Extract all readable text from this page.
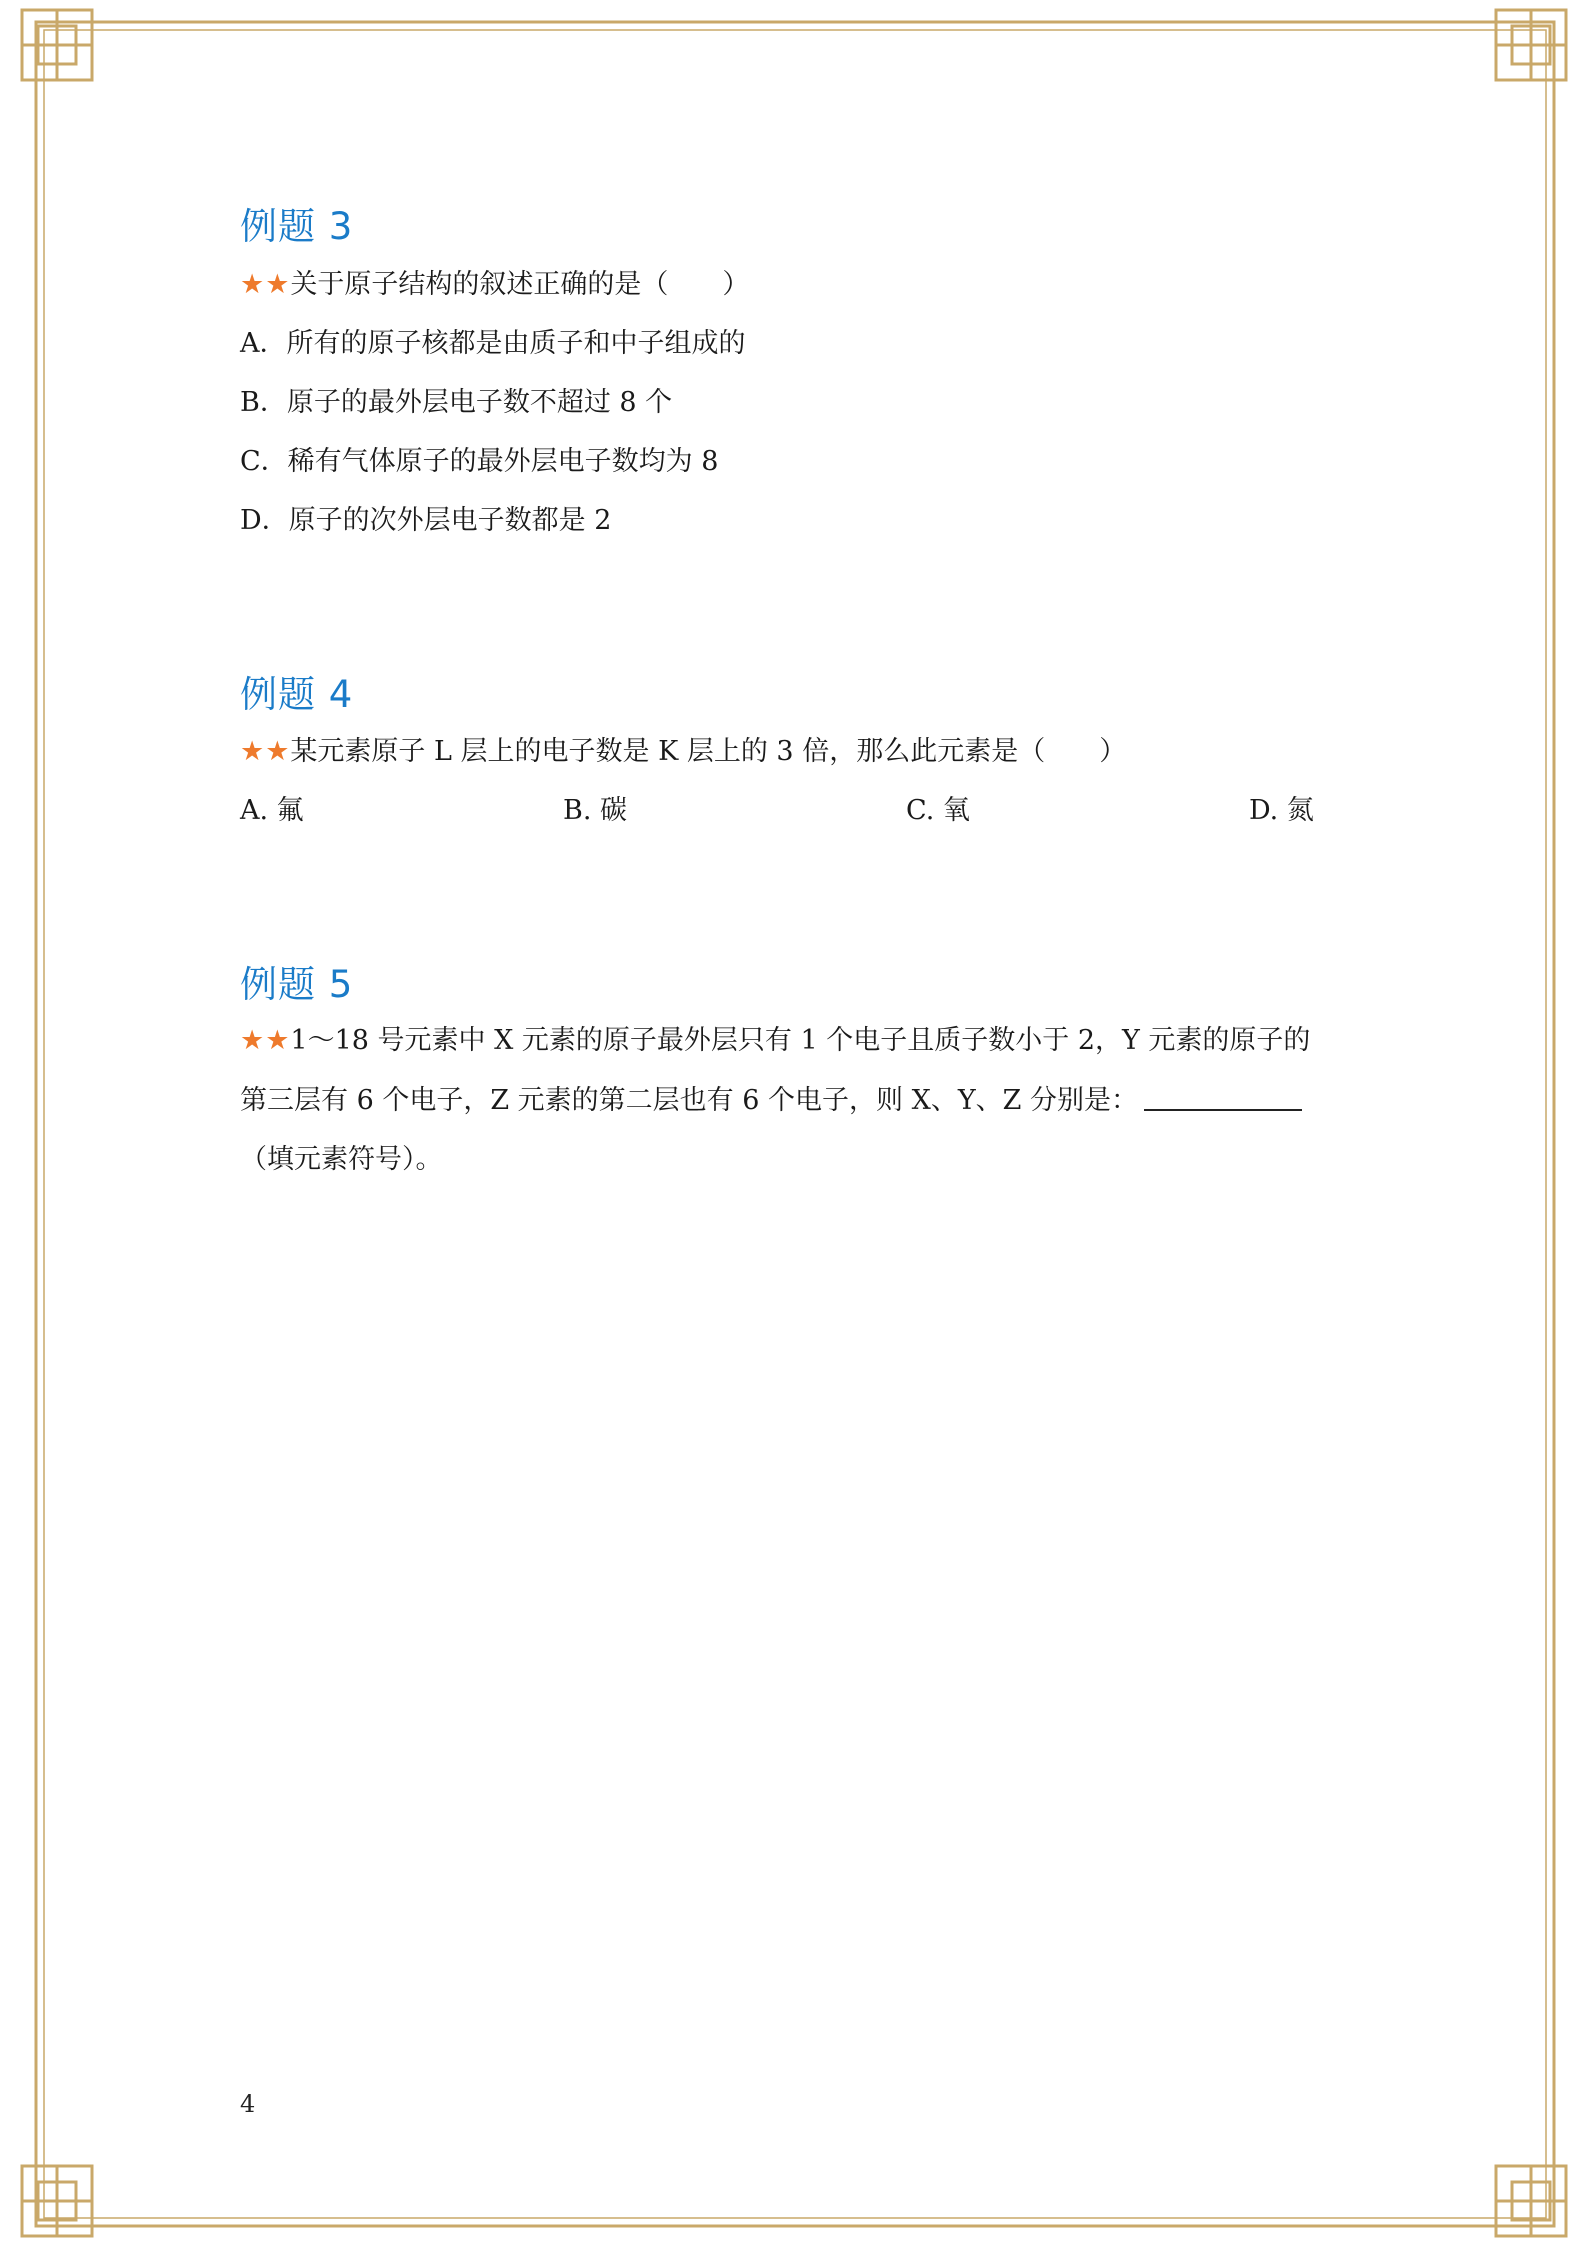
例题 3
★★关于原子结构的叙述正确的是（　　）
A．所有的原子核都是由质子和中子组成的
B．原子的最外层电子数不超过 8 个
C．稀有气体原子的最外层电子数均为 8
D．原子的次外层电子数都是 2
例题 4
★★某元素原子 L 层上的电子数是 K 层上的 3 倍，那么此元素是（　　）
A. 氟	B. 碳	C. 氧	D. 氮
例题 5
★★1～18 号元素中 X 元素的原子最外层只有 1 个电子且质子数小于 2，Y 元素的原子的
第三层有 6 个电子，Z 元素的第二层也有 6 个电子，则 X、Y、Z 分别是：
（填元素符号）。
4
